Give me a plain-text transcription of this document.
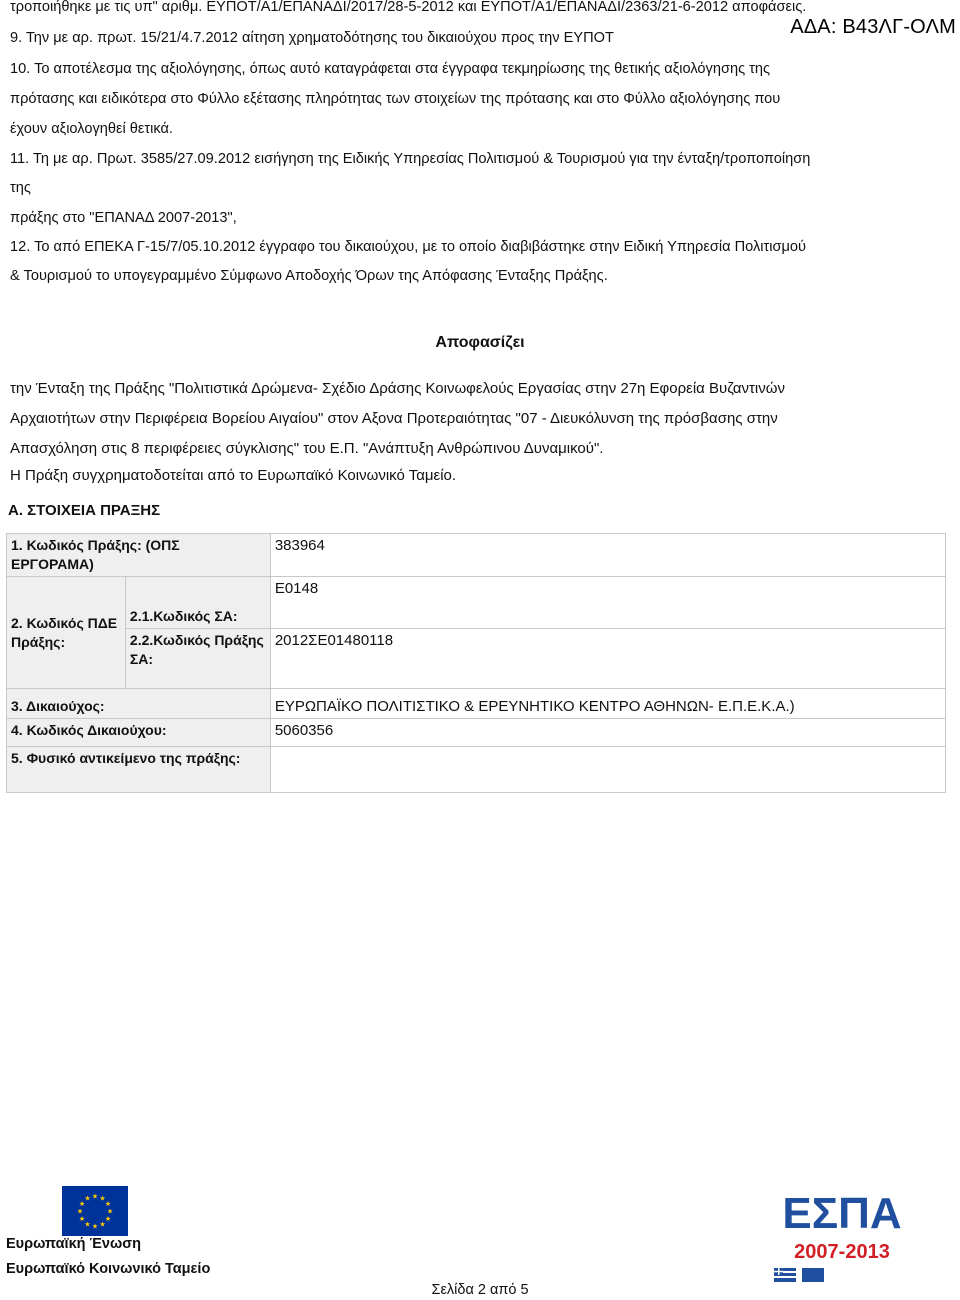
τροποιήθηκε με τις υπ" αριθμ. ΕΥΠΟΤ/Α1/ΕΠΑΝΑΔΙ/2017/28-5-2012 και ΕΥΠΟΤ/Α1/ΕΠΑΝΑΔΙ/2363/21-6-2012 αποφάσεις.
ΑΔΑ: Β43ΛΓ-ΟΛΜ
9. Την με αρ. πρωτ. 15/21/4.7.2012 αίτηση χρηματοδότησης του δικαιούχου προς την ΕΥΠΟΤ
10. Το αποτέλεσμα της αξιολόγησης, όπως αυτό καταγράφεται στα έγγραφα τεκμηρίωσης της θετικής αξιολόγησης της
πρότασης και ειδικότερα στο Φύλλο εξέτασης πληρότητας των στοιχείων της πρότασης και στο Φύλλο αξιολόγησης που
έχουν αξιολογηθεί θετικά.
11. Τη με αρ. Πρωτ. 3585/27.09.2012 εισήγηση της Ειδικής Υπηρεσίας Πολιτισμού & Τουρισμού για την ένταξη/τροποποίηση
της
πράξης στο "ΕΠΑΝΑΔ 2007-2013",
12. Το από ΕΠΕΚΑ Γ-15/7/05.10.2012 έγγραφο του δικαιούχου, με το οποίο διαβιβάστηκε στην Ειδική Υπηρεσία Πολιτισμού
& Τουρισμού το υπογεγραμμένο Σύμφωνο Αποδοχής Όρων της Απόφασης Ένταξης Πράξης.
Αποφασίζει
την Ένταξη της Πράξης "Πολιτιστικά Δρώμενα- Σχέδιο Δράσης Κοινωφελούς Εργασίας στην 27η Εφορεία Βυζαντινών
Αρχαιοτήτων στην Περιφέρεια Βορείου Αιγαίου" στον Αξονα Προτεραιότητας "07 - Διευκόλυνση της πρόσβασης στην
Απασχόληση στις 8 περιφέρειες σύγκλισης" του Ε.Π. "Ανάπτυξη Ανθρώπινου Δυναμικού".
Η Πράξη συγχρηματοδοτείται από το Ευρωπαϊκό Κοινωνικό Ταμείο.
Α. ΣΤΟΙΧΕΙΑ ΠΡΑΞΗΣ
1. Κωδικός Πράξης: (ΟΠΣ ΕΡΓΟΡΑΜΑ)		383964
2. Κωδικός ΠΔΕ Πράξης:	2.1.Κωδικός ΣΑ:	Ε0148
	2.2.Κωδικός Πράξης ΣΑ:	2012ΣΕ01480118
3. Δικαιούχος:		ΕΥΡΩΠΑΪΚΟ ΠΟΛΙΤΙΣΤΙΚΟ & ΕΡΕΥΝΗΤΙΚΟ ΚΕΝΤΡΟ ΑΘΗΝΩΝ- Ε.Π.Ε.Κ.Α.)
4. Κωδικός Δικαιούχου:		5060356
5. Φυσικό αντικείμενο της πράξης:		
★ ★
★
★
★
★
★
★
★
★
★
★
Ευρωπαϊκή Ένωση
Ευρωπαϊκό Κοινωνικό Ταμείο
ΕΣΠΑ
2007-2013
Σελίδα 2 από 5
